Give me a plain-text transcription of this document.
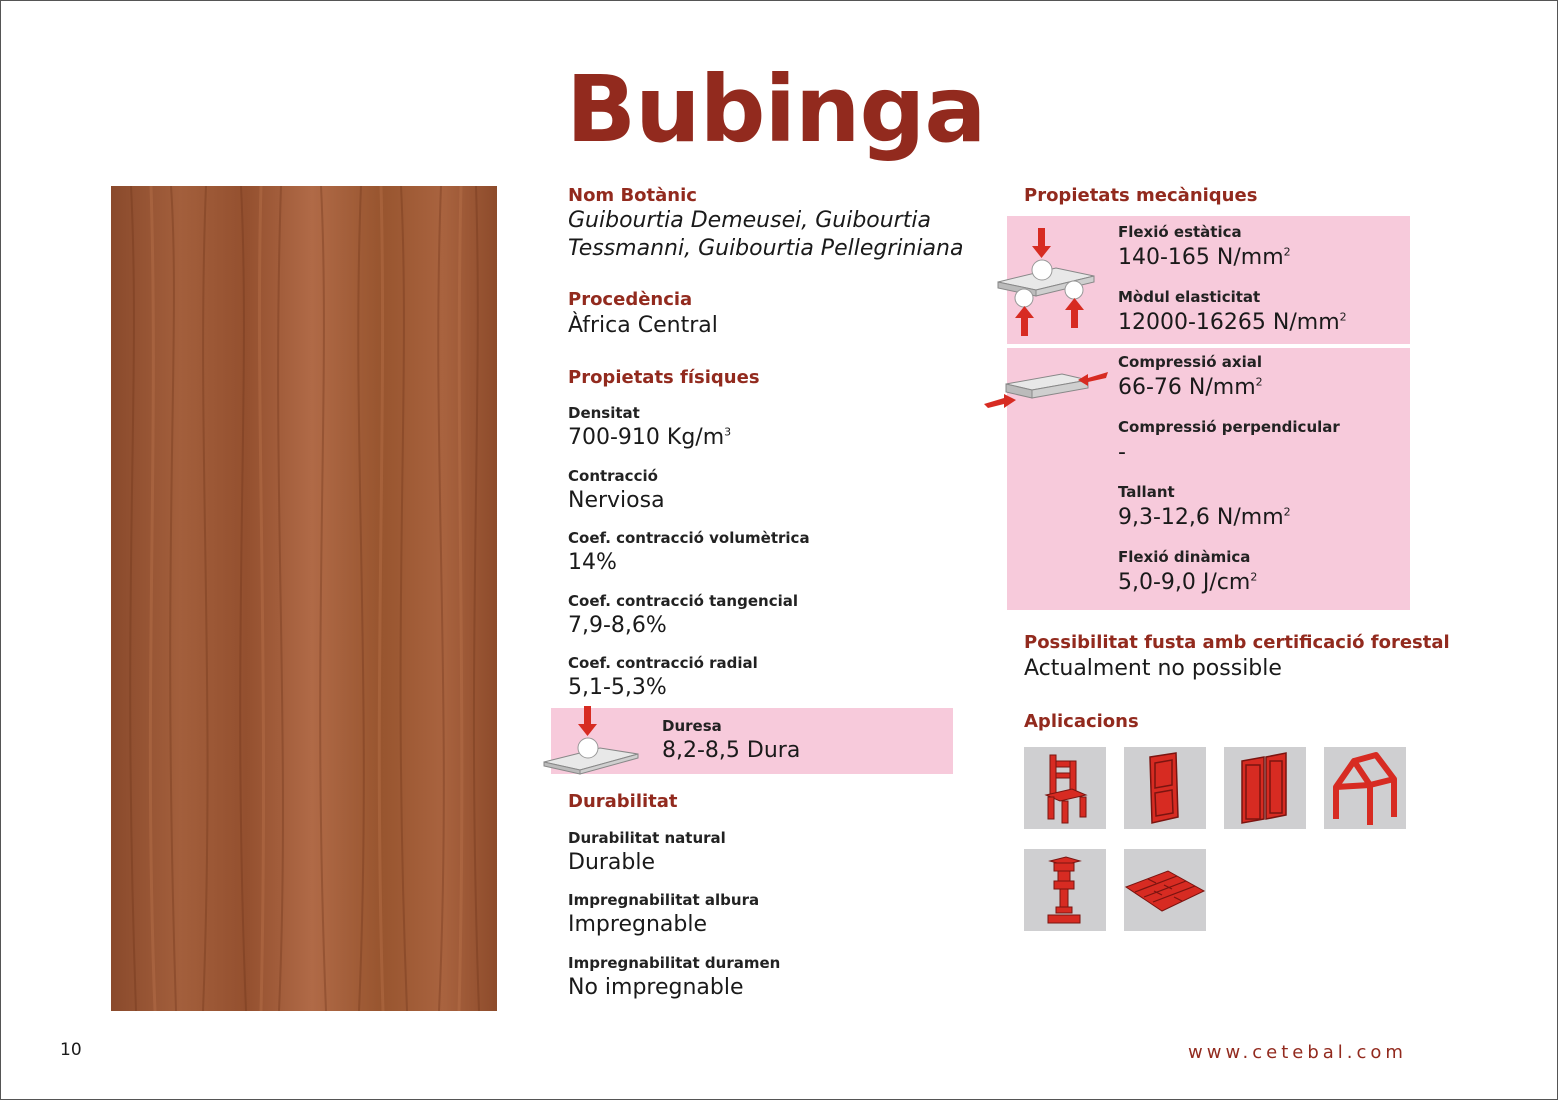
Bubinga
Nom Botànic
Guibourtia Demeusei, Guibourtia
Tessmanni, Guibourtia Pellegriniana
Procedència
Àfrica Central
Propietats físiques
Densitat
700-910 $Kg/m^3$
Contracció
Nerviosa
Coef. contracció volumètrica
14%
Coef. contracció tangencial
7,9-8,6%
Coef. contracció radial
5,1-5,3%
Duresa
8,2-8,5 Dura
Durabilitat
Durabilitat natural
Durable
Impregnabilitat albura
Impregnable
Impregnabilitat duramen
No impregnable
Propietats mecàniques
Flexió estàtica
140-165 $N/mm^2$
Mòdul elasticitat
12000-16265 $N/mm^2$
Compressió axial
66-76 $N/mm^2$
Compressió perpendicular
-
Tallant
9,3-12,6 $N/mm^2$
Flexió dinàmica
5,0-9,0 $J/cm^2$
Possibilitat fusta amb certificació forestal
Actualment no possible
Aplicacions
10	www.cetebal.com
